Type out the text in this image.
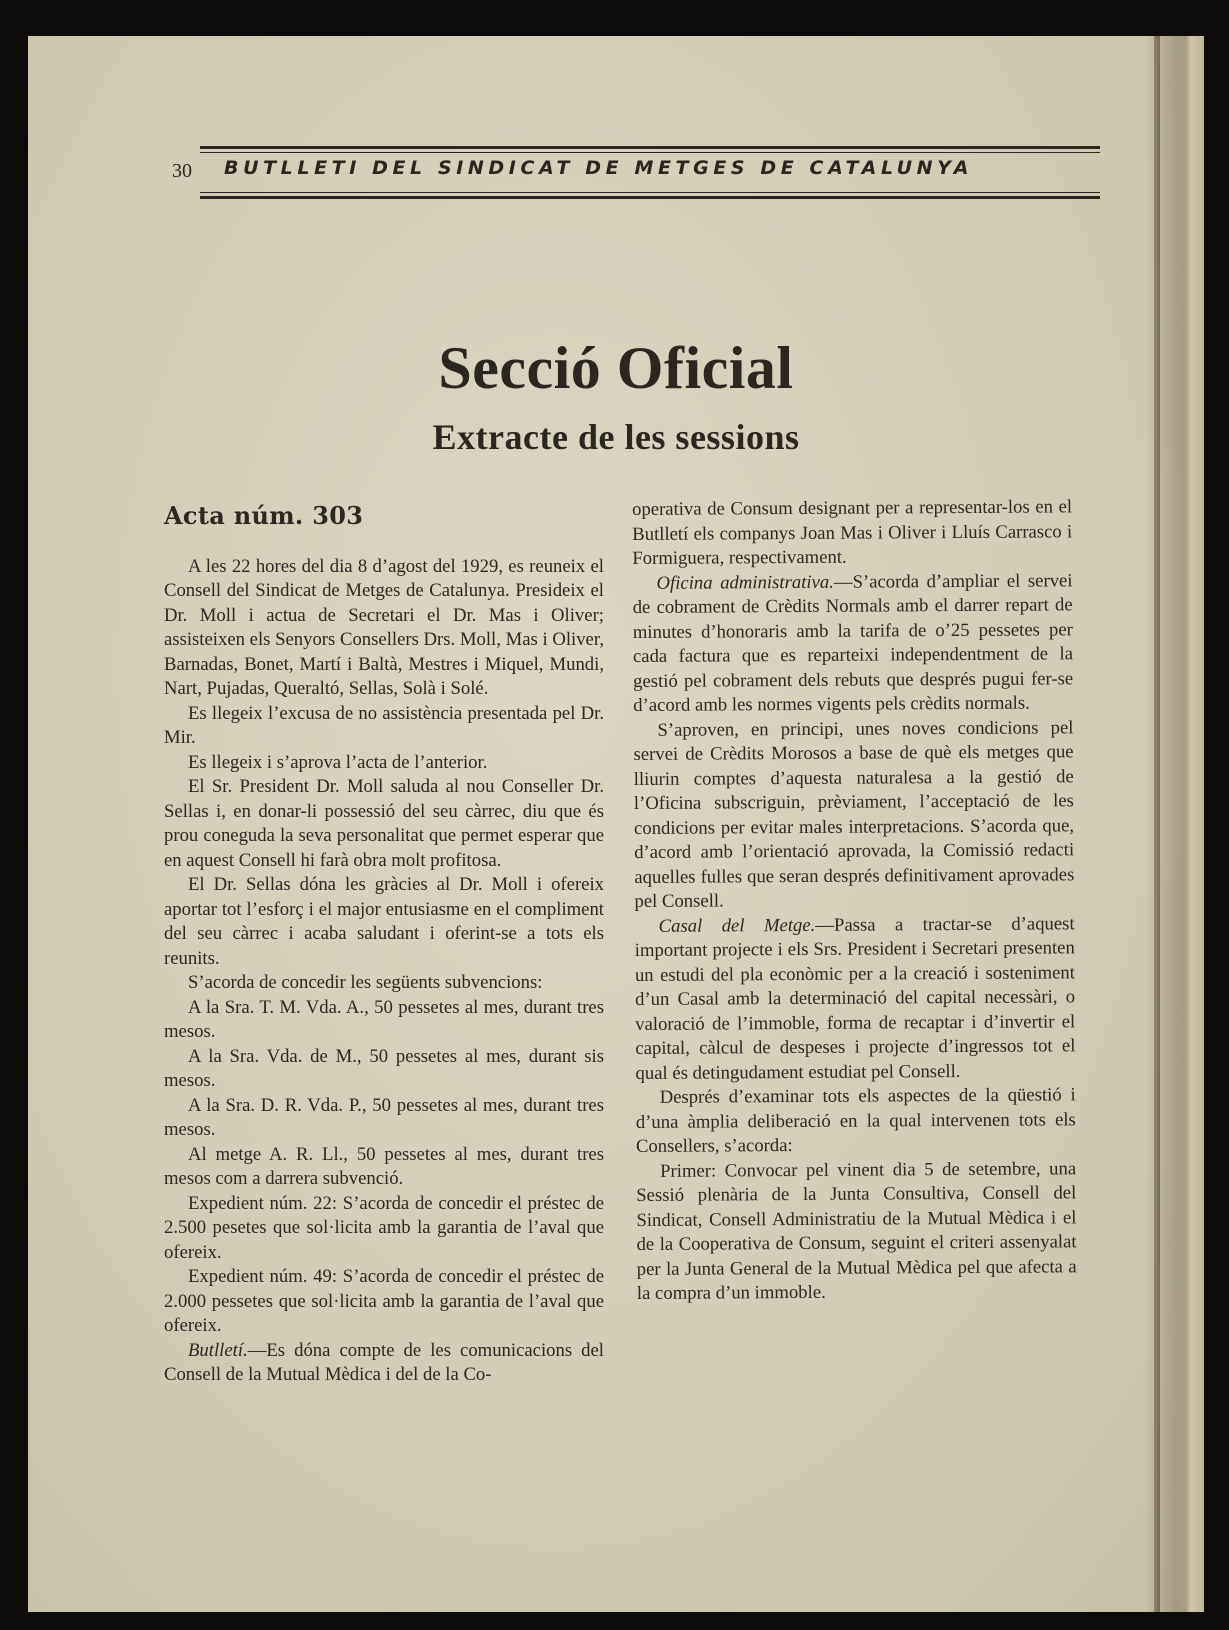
30 BUTLLETI DEL SINDICAT DE METGES DE CATALUNYA
Secció Oficial
Extracte de les sessions
Acta núm. 303

A les 22 hores del dia 8 d’agost del 1929, es reuneix el Consell del Sindicat de Metges de Catalunya. Presideix el Dr. Moll i actua de Secretari el Dr. Mas i Oliver; assisteixen els Senyors Consellers Drs. Moll, Mas i Oliver, Barnadas, Bonet, Martí i Baltà, Mestres i Miquel, Mundi, Nart, Pujadas, Queraltó, Sellas, Solà i Solé.

Es llegeix l’excusa de no assistència presentada pel Dr. Mir.

Es llegeix i s’aprova l’acta de l’anterior.

El Sr. President Dr. Moll saluda al nou Conseller Dr. Sellas i, en donar-li possessió del seu càrrec, diu que és prou coneguda la seva personalitat que permet esperar que en aquest Consell hi farà obra molt profitosa.

El Dr. Sellas dóna les gràcies al Dr. Moll i ofereix aportar tot l’esforç i el major entusiasme en el compliment del seu càrrec i acaba saludant i oferint-se a tots els reunits.

S’acorda de concedir les següents subvencions:

A la Sra. T. M. Vda. A., 50 pessetes al mes, durant tres mesos.

A la Sra. Vda. de M., 50 pessetes al mes, durant sis mesos.

A la Sra. D. R. Vda. P., 50 pessetes al mes, durant tres mesos.

Al metge A. R. Ll., 50 pessetes al mes, durant tres mesos com a darrera subvenció.

Expedient núm. 22: S’acorda de concedir el préstec de 2.500 pesetes que sol·licita amb la garantia de l’aval que ofereix.

Expedient núm. 49: S’acorda de concedir el préstec de 2.000 pessetes que sol·licita amb la garantia de l’aval que ofereix.

Butlletí.—Es dóna compte de les comunicacions del Consell de la Mutual Mèdica i del de la Co-

operativa de Consum designant per a representar-los en el Butlletí els companys Joan Mas i Oliver i Lluís Carrasco i Formiguera, respectivament.

Oficina administrativa.—S’acorda d’ampliar el servei de cobrament de Crèdits Normals amb el darrer repart de minutes d’honoraris amb la tarifa de o’25 pessetes per cada factura que es reparteixi independentment de la gestió pel cobrament dels rebuts que després pugui fer-se d’acord amb les normes vigents pels crèdits normals.

S’aproven, en principi, unes noves condicions pel servei de Crèdits Morosos a base de què els metges que lliurin comptes d’aquesta naturalesa a la gestió de l’Oficina subscriguin, prèviament, l’acceptació de les condicions per evitar males interpretacions. S’acorda que, d’acord amb l’orientació aprovada, la Comissió redacti aquelles fulles que seran després definitivament aprovades pel Consell.

Casal del Metge.—Passa a tractar-se d’aquest important projecte i els Srs. President i Secretari presenten un estudi del pla econòmic per a la creació i sosteniment d’un Casal amb la determinació del capital necessàri, o valoració de l’immoble, forma de recaptar i d’invertir el capital, càlcul de despeses i projecte d’ingressos tot el qual és detingudament estudiat pel Consell.

Després d’examinar tots els aspectes de la qüestió i d’una àmplia deliberació en la qual intervenen tots els Consellers, s’acorda:

Primer: Convocar pel vinent dia 5 de setembre, una Sessió plenària de la Junta Consultiva, Consell del Sindicat, Consell Administratiu de la Mutual Mèdica i el de la Cooperativa de Consum, seguint el criteri assenyalat per la Junta General de la Mutual Mèdica pel que afecta a la compra d’un immoble.
